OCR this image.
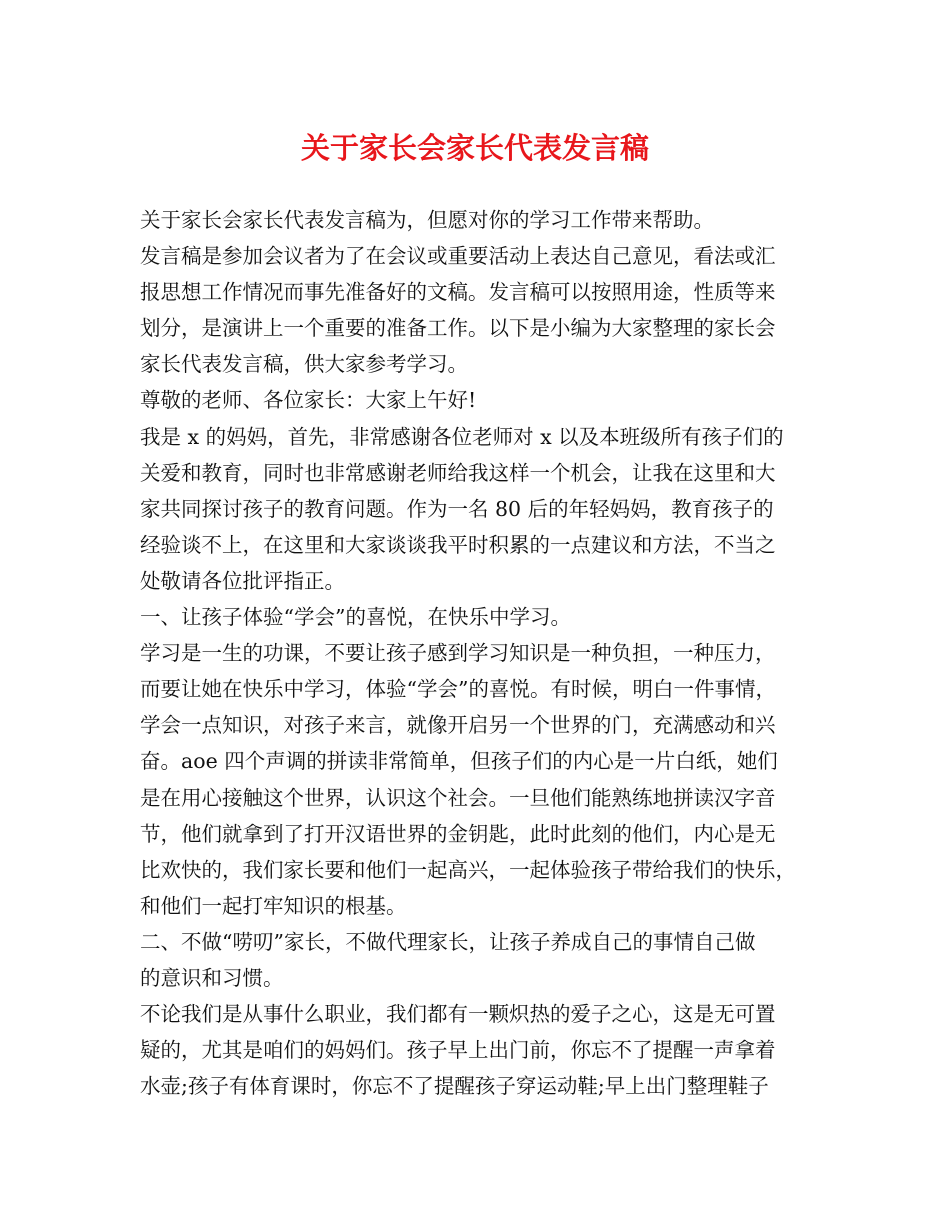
关于家长会家长代表发言稿
关于家长会家长代表发言稿为，但愿对你的学习工作带来帮助。
发言稿是参加会议者为了在会议或重要活动上表达自己意见，看法或汇
报思想工作情况而事先准备好的文稿。发言稿可以按照用途，性质等来
划分，是演讲上一个重要的准备工作。以下是小编为大家整理的家长会
家长代表发言稿，供大家参考学习。
尊敬的老师、各位家长：大家上午好!
我是 x 的妈妈，首先，非常感谢各位老师对 x 以及本班级所有孩子们的
关爱和教育，同时也非常感谢老师给我这样一个机会，让我在这里和大
家共同探讨孩子的教育问题。作为一名 80 后的年轻妈妈，教育孩子的
经验谈不上，在这里和大家谈谈我平时积累的一点建议和方法，不当之
处敬请各位批评指正。
一、让孩子体验“学会”的喜悦，在快乐中学习。
学习是一生的功课，不要让孩子感到学习知识是一种负担，一种压力，
而要让她在快乐中学习，体验“学会”的喜悦。有时候，明白一件事情，
学会一点知识，对孩子来言，就像开启另一个世界的门，充满感动和兴
奋。aoe 四个声调的拼读非常简单，但孩子们的内心是一片白纸，她们
是在用心接触这个世界，认识这个社会。一旦他们能熟练地拼读汉字音
节，他们就拿到了打开汉语世界的金钥匙，此时此刻的他们，内心是无
比欢快的，我们家长要和他们一起高兴，一起体验孩子带给我们的快乐，
和他们一起打牢知识的根基。
二、不做“唠叨”家长，不做代理家长，让孩子养成自己的事情自己做
的意识和习惯。
不论我们是从事什么职业，我们都有一颗炽热的爱子之心，这是无可置
疑的，尤其是咱们的妈妈们。孩子早上出门前，你忘不了提醒一声拿着
水壶;孩子有体育课时，你忘不了提醒孩子穿运动鞋;早上出门整理鞋子
